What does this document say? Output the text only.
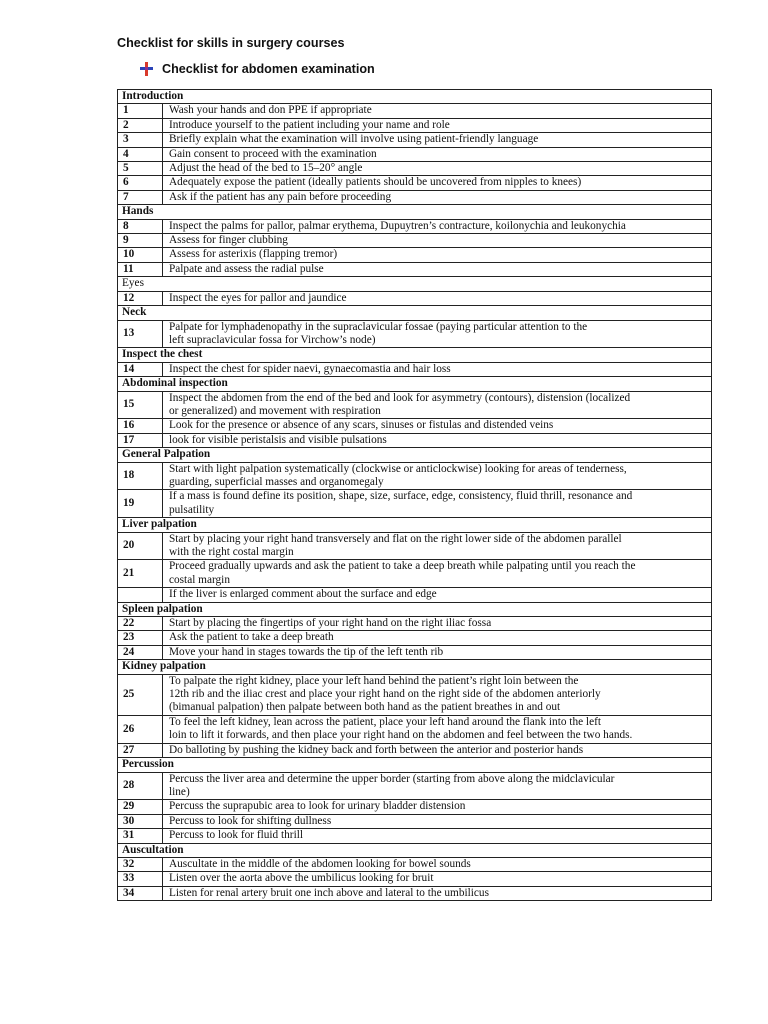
Checklist for skills in surgery courses
Checklist for abdomen examination
Introduction	
1	Wash your hands and don PPE if appropriate

2	Introduce yourself to the patient including your name and role

3	Briefly explain what the examination will involve using patient-friendly language

4	Gain consent to proceed with the examination

5	Adjust the head of the bed to 15–20° angle

6	Adequately expose the patient (ideally patients should be uncovered from nipples to knees)

7	Ask if the patient has any pain before proceeding

Hands	
8	Inspect the palms for pallor, palmar erythema, Dupuytren’s contracture, koilonychia and leukonychia

9	Assess for finger clubbing

10	Assess for asterixis (flapping tremor)

11	Palpate and assess the radial pulse

Eyes	
12	Inspect the eyes for pallor and jaundice

Neck	
13	Palpate for lymphadenopathy in the supraclavicular fossae (paying particular attention to the
left supraclavicular fossa for Virchow’s node)

Inspect the chest	
14	Inspect the chest for spider naevi, gynaecomastia and hair loss

Abdominal inspection	
15	Inspect the abdomen from the end of the bed and look for asymmetry (contours), distension (localized
or generalized) and movement with respiration

16	Look for the presence or absence of any scars, sinuses or fistulas and distended veins

17	look for visible peristalsis and visible pulsations

General Palpation	
18	Start with light palpation systematically (clockwise or anticlockwise) looking for areas of tenderness,
guarding, superficial masses and organomegaly

19	If a mass is found define its position, shape, size, surface, edge, consistency, fluid thrill, resonance and
pulsatility

Liver palpation	
20	Start by placing your right hand transversely and flat on the right lower side of the abdomen parallel
with the right costal margin

21	Proceed gradually upwards and ask the patient to take a deep breath while palpating until you reach the
costal margin

	If the liver is enlarged comment about the surface and edge

Spleen palpation	
22	Start by placing the fingertips of your right hand on the right iliac fossa

23	Ask the patient to take a deep breath

24	Move your hand in stages towards the tip of the left tenth rib

Kidney palpation	
25	To palpate the right kidney, place your left hand behind the patient’s right loin between the
12th rib and the iliac crest and place your right hand on the right side of the abdomen anteriorly
(bimanual palpation) then palpate between both hand as the patient breathes in and out

26	To feel the left kidney, lean across the patient, place your left hand around the flank into the left
loin to lift it forwards, and then place your right hand on the abdomen and feel between the two hands.

27	Do balloting by pushing the kidney back and forth between the anterior and posterior hands

Percussion	
28	Percuss the liver area and determine the upper border (starting from above along the midclavicular
line)

29	Percuss the suprapubic area to look for urinary bladder distension

30	Percuss to look for shifting dullness

31	Percuss to look for fluid thrill

Auscultation	
32	Auscultate in the middle of the abdomen looking for bowel sounds

33	Listen over the aorta above the umbilicus looking for bruit

34	Listen for renal artery bruit one inch above and lateral to the umbilicus
